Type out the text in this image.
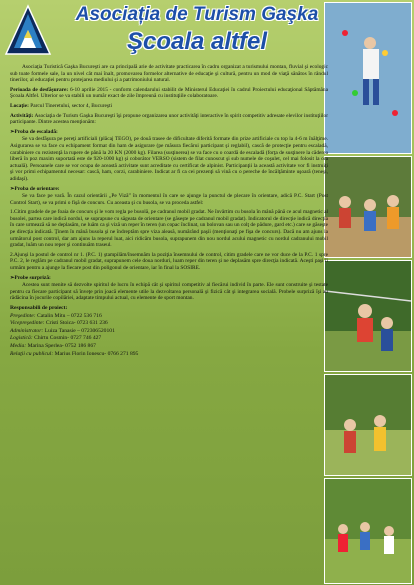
Asociația de Turism Gaşka
Şcoala altfel

Asociaţia Turistică Gaşka Bucureşti are ca principală arie de activitate practicarea în cadru organizat a turismului montan, fluvial şi ecologic sub toate formele sale, la un nivel cât mai înalt, promovarea formelor alternative de educaţie şi cultură, pentru un mod de viaţă sănătos în rândul tinerilor, al educaţiei pentru protejarea mediului şi a patrimoniului natural.

Perioada de desfăşurare: 6-10 aprilie 2015 - conform calendarului stabilit de Ministerul Educaţiei în cadrul Proiectului educaţional Săptămâna Şcoala Altfel. Ulterior se va stabili un număr exact de zile împreună cu instituţiile colaboratoare.

Locaţie: Parcul Tineretului, sector 4, Bucureşti

Activităţi: Asociaţia de Turism Gaşka Bucureşti îşi propune organizarea unor activităţi interactive în spirit competitiv adresate elevilor instituţiilor participante. Dintre acestea menţionăm:

➢Proba de escaladă:

Se va desfăşura pe pereţi artificiali (plăcaj TEGO), pe două trasee de dificultate diferită formate din prize artificiale cu top la 4-6 m înălţime. Asigurarea se va face cu echipament format din ham de asigurare (pe măsura fiecărui participant şi reglabil), cască de protecţie pentru escaladă, carabiniere cu rezistenţă la rupere de până la 20 KN (2000 kg). Filarea (susţinerea) se va face cu o coardă de escaladă (forţa de susţinere la căderea liberă în poz maxim suportată este de 920-1000 kg) şi coborâtor VERSO (sistem de filat cunoscut şi sub numele de coşulet, cel mai folosit la ora actuală). Persoanele care se vor ocupa de această activitate sunt acreditate cu certificat de alpinist. Participanţii la această activitate vor fi instruiţi şi vor primi echipamentul necesar: cască, ham, corzi, carabiniere. Indicat ar fi ca cei prezenţi să vină cu o pereche de încălţăminte uşoară (teneşi, adidaşi).

➢Proba de orientare:

Se va face pe vară. În cazul orientării „Pe Viză” în momentul în care se ajunge la punctul de plecare în orientare, adică P.C. Start (Post Control Start), se va primi o fişă de concurs. Cu aceasta şi cu busola, se va proceda astfel:

1.Citim gradele de pe foaia de concurs şi le vom regla pe busolă, pe cadranul mobil gradat. Ne învârtim cu busola în mână până ce acul magnetic al busolei, partea care indică nordul, se suprapune cu săgeata de orientare (se găseşte pe cadranul mobil gradat). Indicatorul de direcţie indică direcţia în care urmează să ne deplasăm, ne luăm ca şi viză un reper în teren (un copac înclinat, un bolovan sau un colţ de pădure, gard etc.) care se găseşte pe direcţia indicată. Ţinem în mână busola şi ne îndreptăm spre viza aleasă, numărând paşii (menţionaţi pe fişa de concurs). Dacă nu am ajuns la următorul post control, dar am ajuns la reperul luat, aici ridicăm busola, suprapunem din nou nordul acului magnetic cu nordul cadranului mobil gradat, luăm un nou reper şi continuăm traseul.

2.Ajunşi la postul de control nr 1. (P.C. 1) ştampilăm/însemnăm la poziţia însemnului de control, citim gradele care ne vor duce de la P.C. 1 spre P.C. 2, le reglăm pe cadranul mobil gradat, suprapunem cele doua nordurі, luam reper din teren şi ne deplasăm spre direcţia indicată. Aceşti paşi îi urmăm pentru a ajunge la fiecare post din poligonul de orientare, iar în final la SOSIRE.

➢Probe surpriză:

Acestea sunt menite să dezvolte spiritul de lucru în echipă cât şi spiritul competitiv al fiecărui individ în parte. Ele sunt construite şi testate pentru ca fiecare participant să înveţe prin joacă elemente utile la dezvoltarea personală şi fizică cât şi integrarea socială. Probele surpriză îşi au rădăcina în jocurile copilăriei, adaptate timpului actual, cu elemente de sport montan.

Responsabili de proiect:
Preşedinte: Catalin Mitu – 0722 536 716
Vicepreşedinte: Cristi Stoica- 0723 631 236
Administrator: Luiza Tanasie – 072306520101
Logistică: Chirtu Cosmin- 0727 746 427
Media: Marina Sperlea- 0752 186 867
Relaţii cu publicul: Marius Florin Ionescu- 0766 271 895
